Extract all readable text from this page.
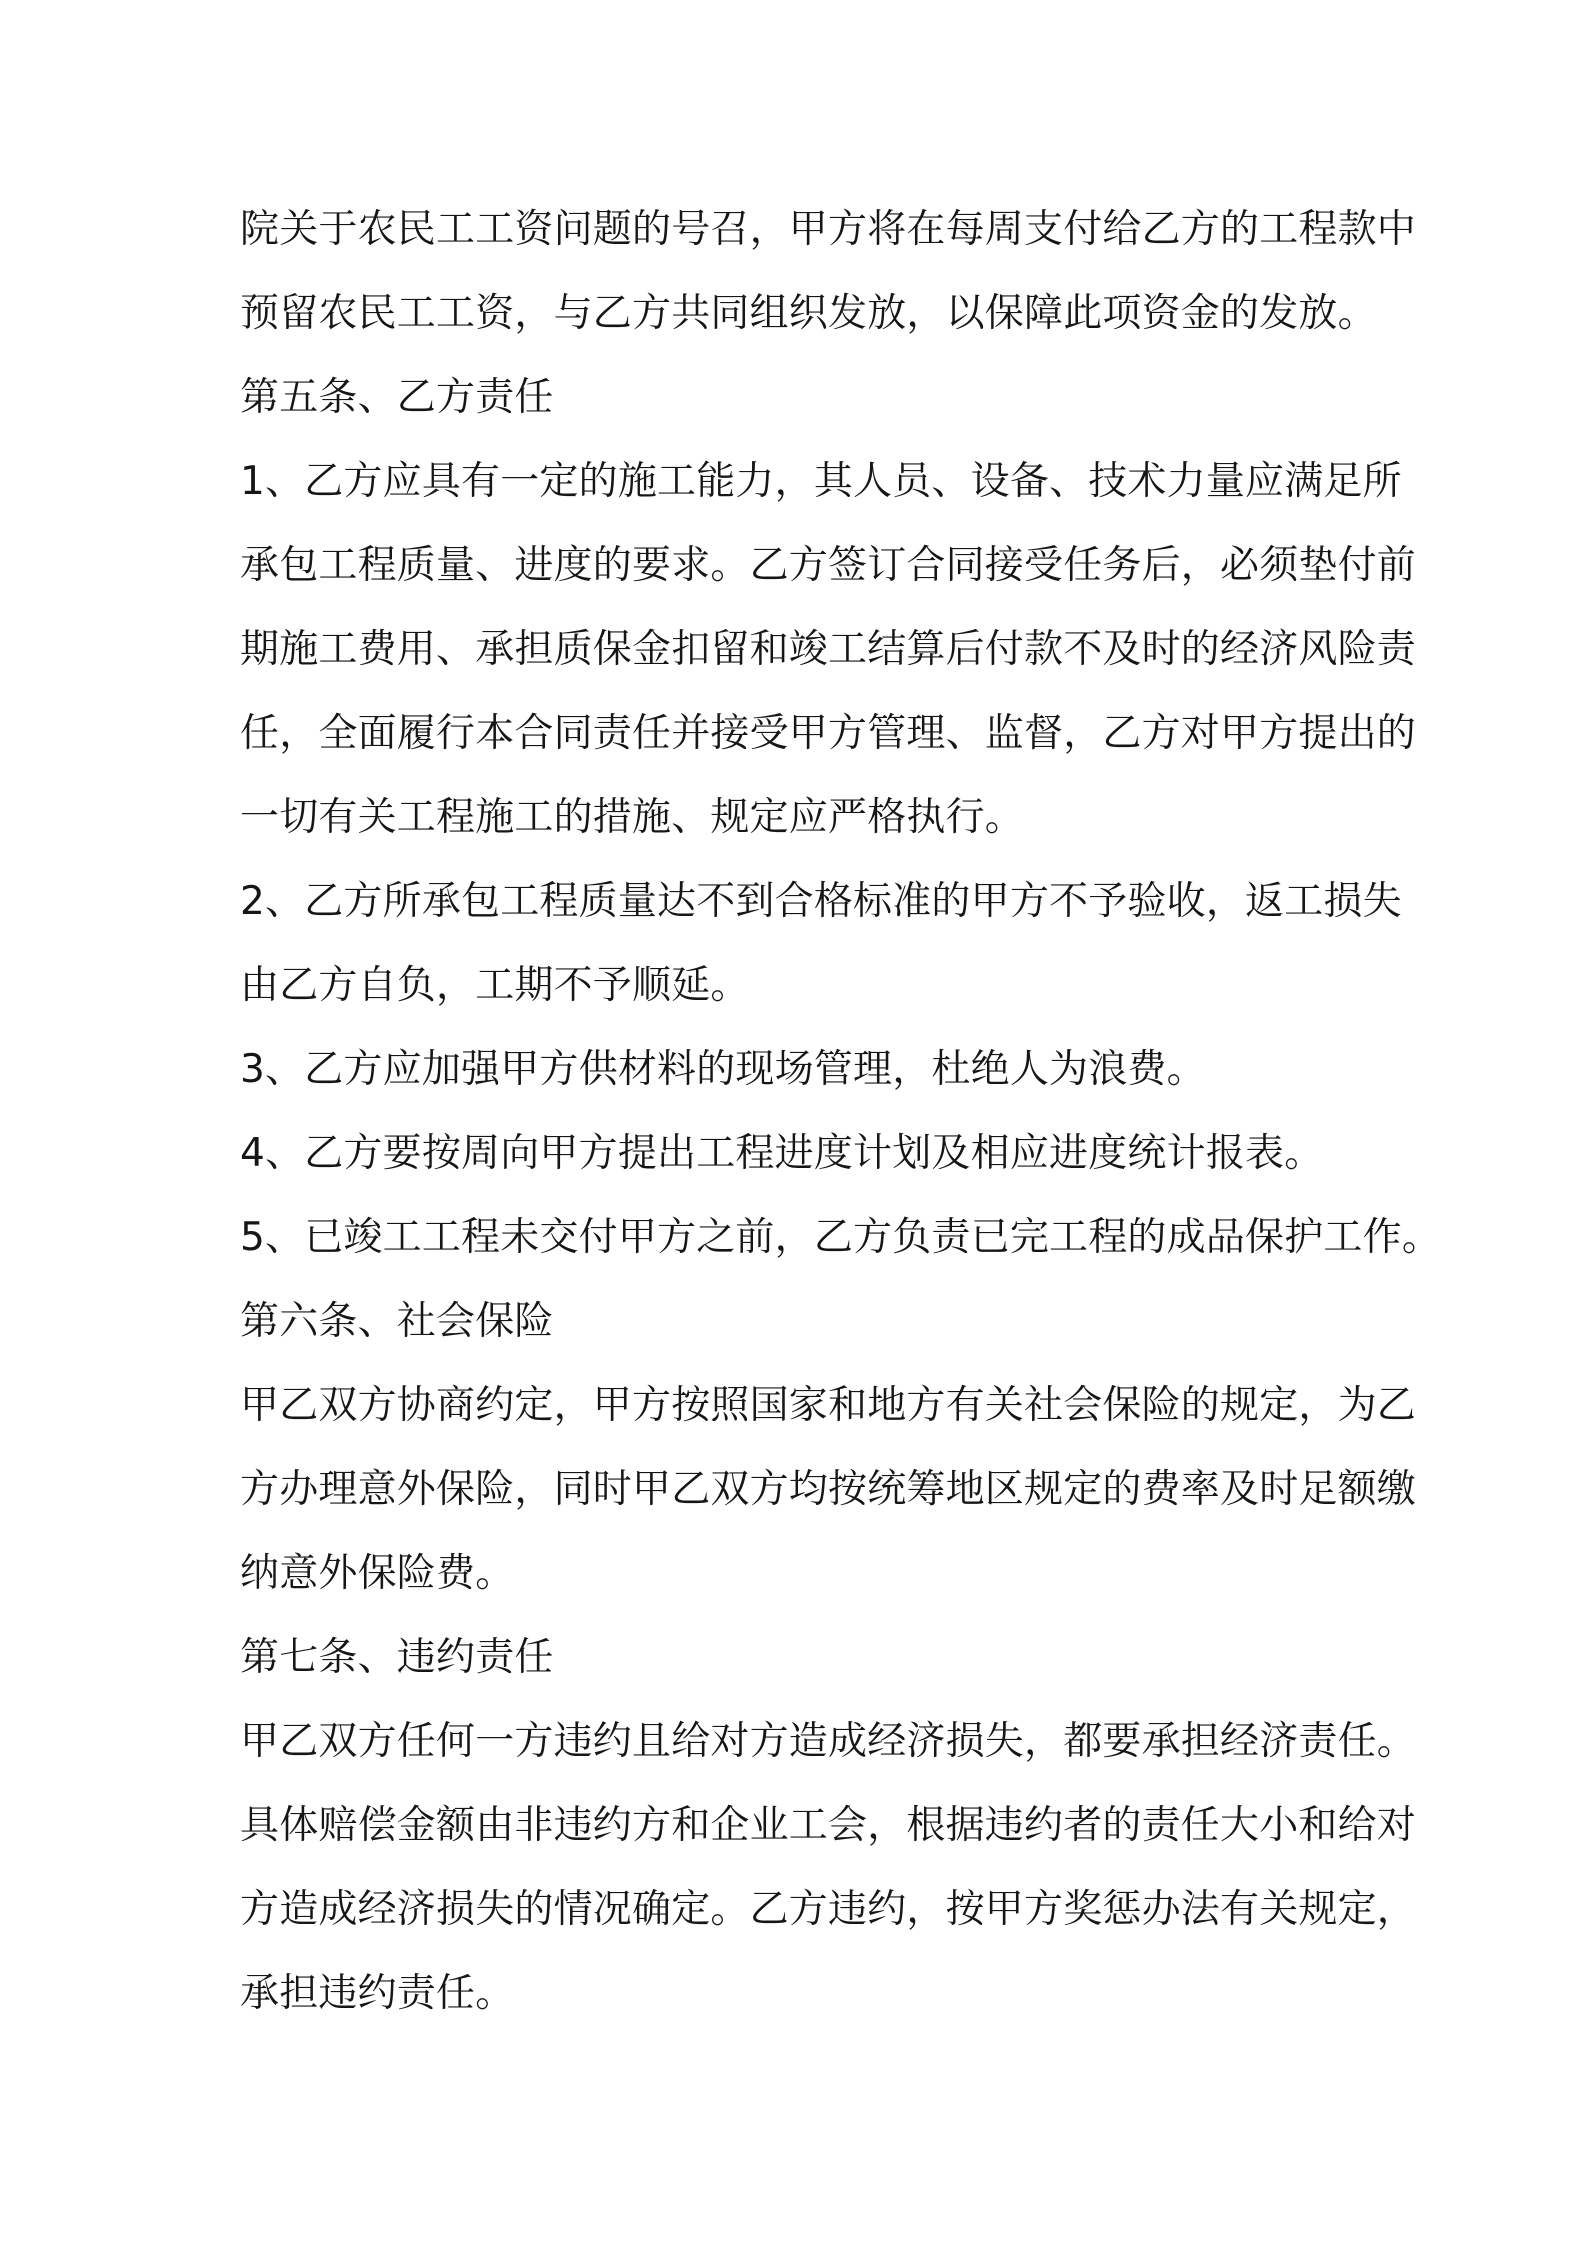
院关于农民工工资问题的号召，甲方将在每周支付给乙方的工程款中

预留农民工工资，与乙方共同组织发放，以保障此项资金的发放。

第五条、乙方责任

1、乙方应具有一定的施工能力，其人员、设备、技术力量应满足所

承包工程质量、进度的要求。乙方签订合同接受任务后，必须垫付前

期施工费用、承担质保金扣留和竣工结算后付款不及时的经济风险责

任，全面履行本合同责任并接受甲方管理、监督，乙方对甲方提出的

一切有关工程施工的措施、规定应严格执行。

2、乙方所承包工程质量达不到合格标准的甲方不予验收，返工损失

由乙方自负，工期不予顺延。

3、乙方应加强甲方供材料的现场管理，杜绝人为浪费。

4、乙方要按周向甲方提出工程进度计划及相应进度统计报表。

5、已竣工工程未交付甲方之前，乙方负责已完工程的成品保护工作。

第六条、社会保险

甲乙双方协商约定，甲方按照国家和地方有关社会保险的规定，为乙

方办理意外保险，同时甲乙双方均按统筹地区规定的费率及时足额缴

纳意外保险费。

第七条、违约责任

甲乙双方任何一方违约且给对方造成经济损失，都要承担经济责任。

具体赔偿金额由非违约方和企业工会，根据违约者的责任大小和给对

方造成经济损失的情况确定。乙方违约，按甲方奖惩办法有关规定，

承担违约责任。
